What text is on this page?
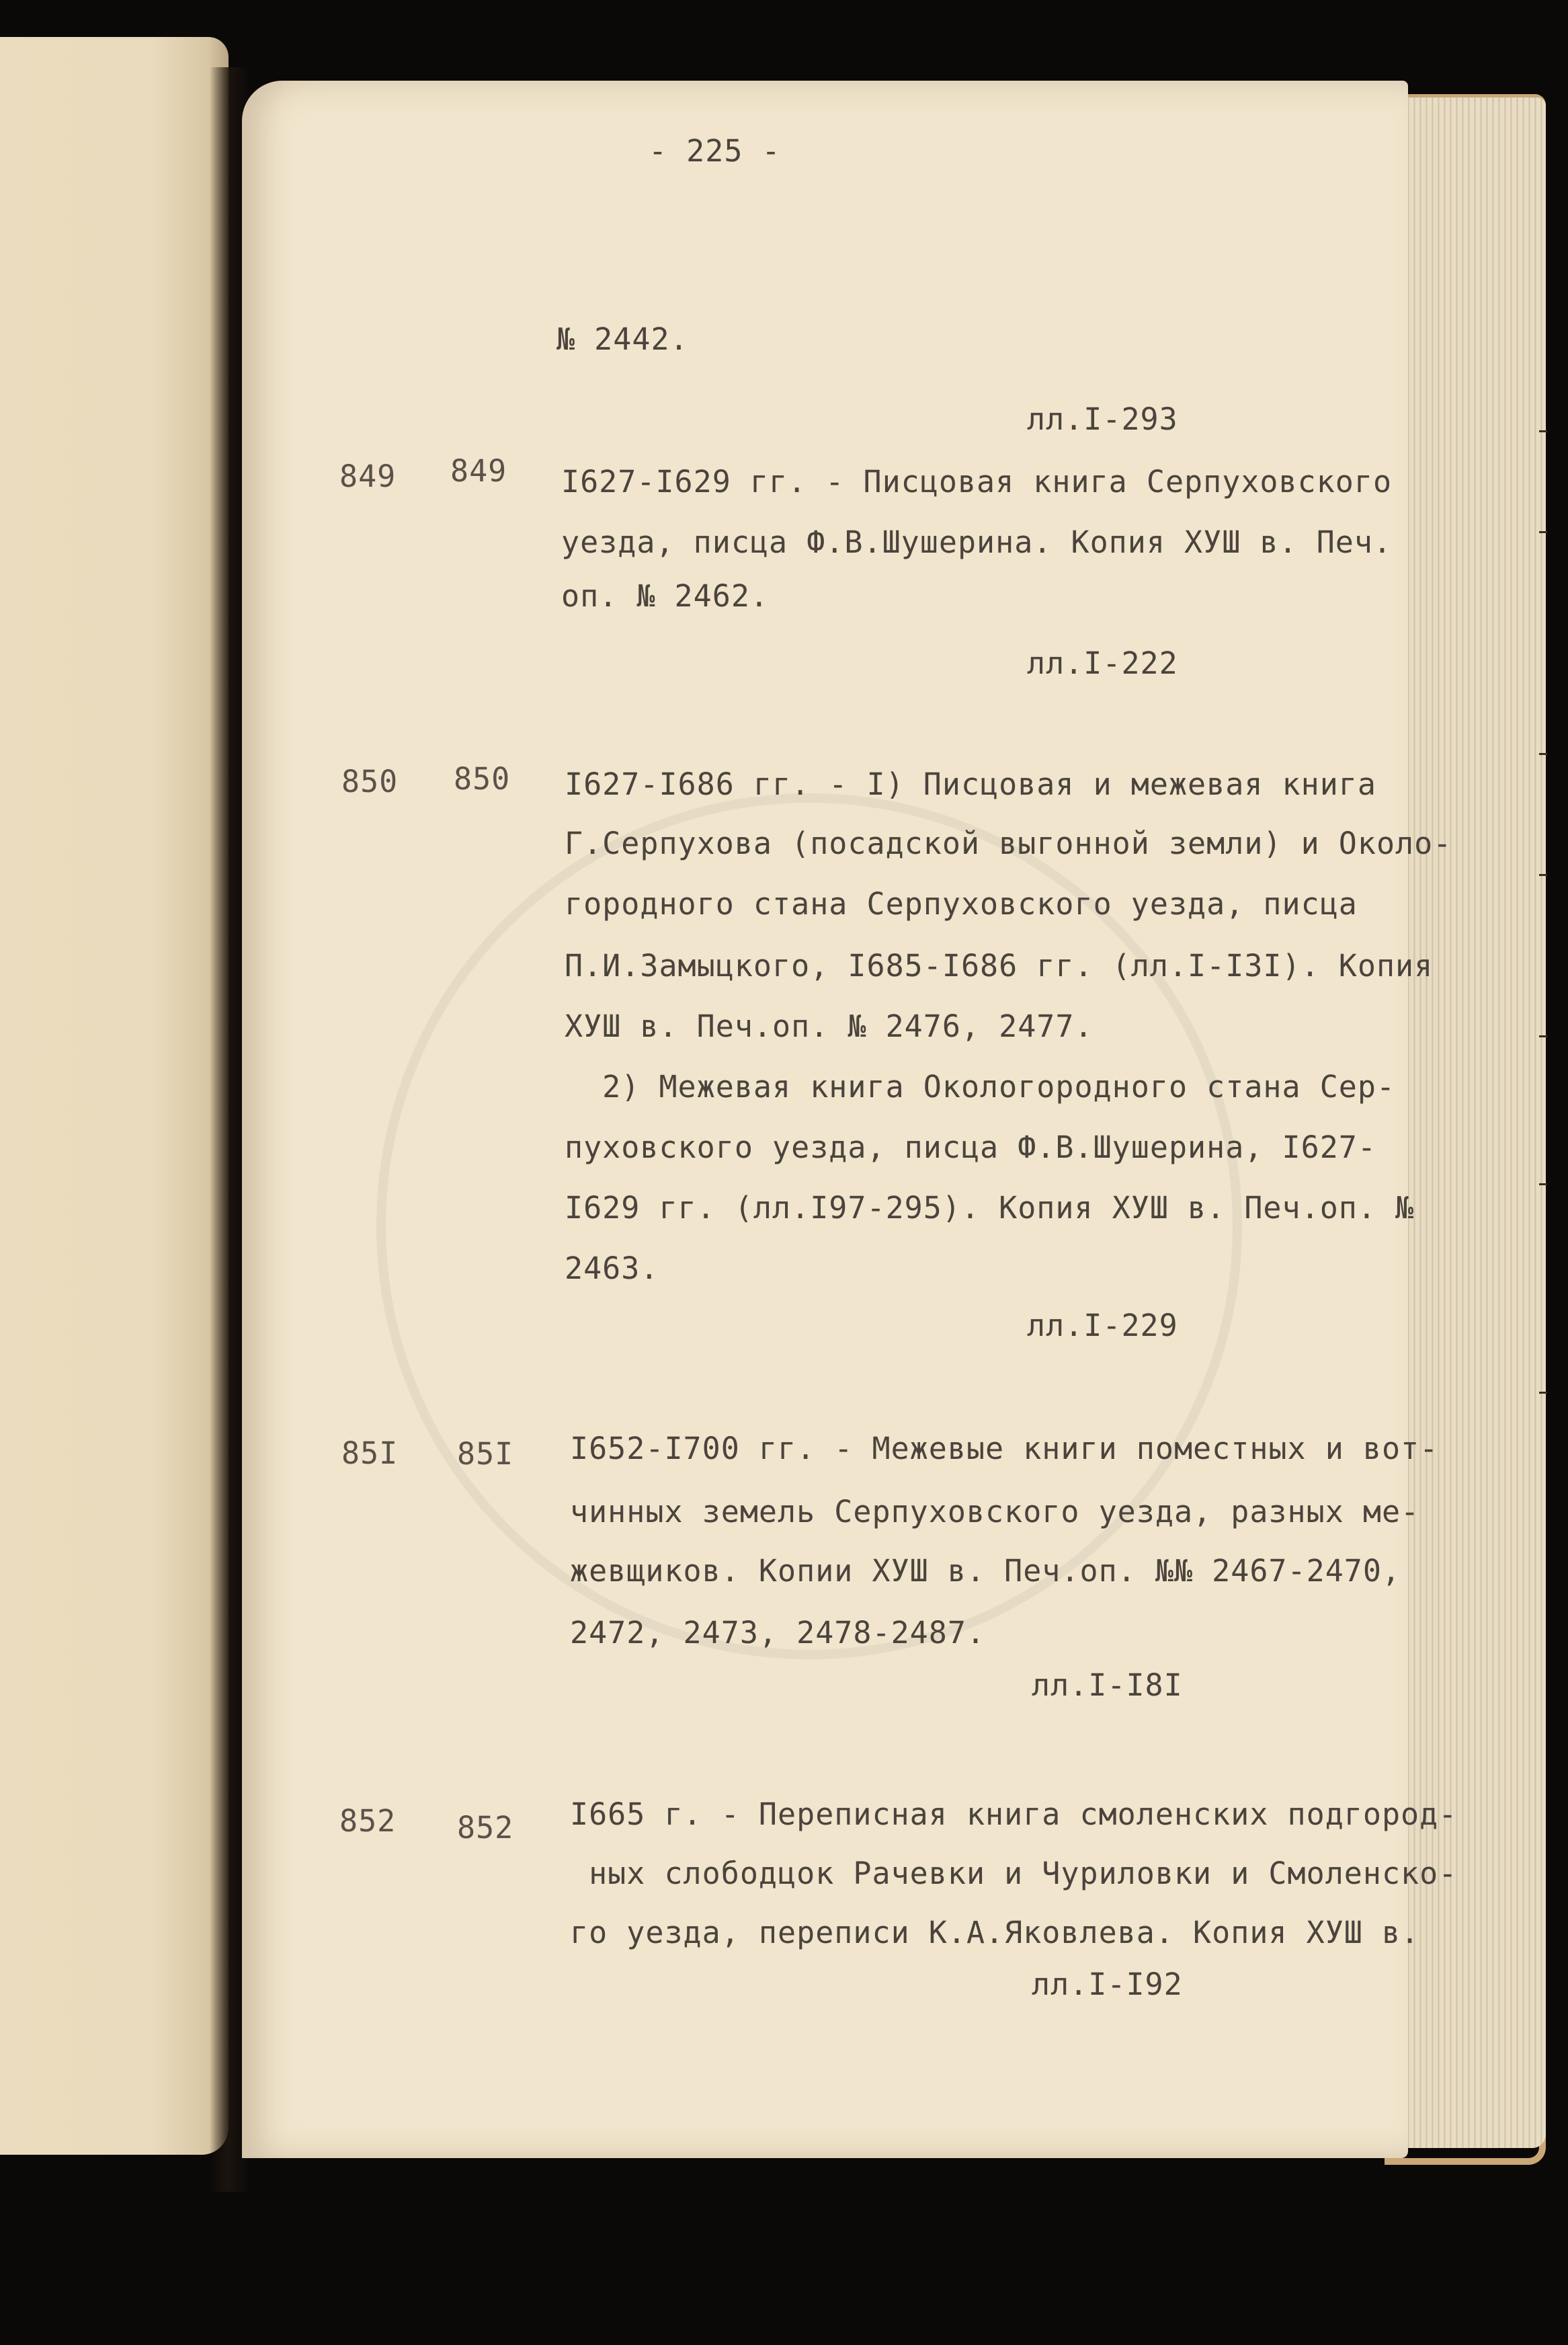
- 225 -
№ 2442.
лл.I-293
849 849 I627-I629 гг. - Писцовая книга Серпуховского
уезда, писца Ф.В.Шушерина. Копия ХУШ в. Печ.
оп. № 2462.
лл.I-222
850 850 I627-I686 гг. - I) Писцовая и межевая книга
Г.Серпухова (посадской выгонной земли) и Около-
городного стана Серпуховского уезда, писца
П.И.Замыцкого, I685-I686 гг. (лл.I-I3I). Копия
ХУШ в. Печ.оп. № 2476, 2477.
2) Межевая книга Окологородного стана Сер-
пуховского уезда, писца Ф.В.Шушерина, I627-
I629 гг. (лл.I97-295). Копия ХУШ в. Печ.оп. №
2463.
лл.I-229
85I 85I I652-I700 гг. - Межевые книги поместных и вот-
чинных земель Серпуховского уезда, разных ме-
жевщиков. Копии ХУШ в. Печ.оп. №№ 2467-2470,
2472, 2473, 2478-2487.
лл.I-I8I
852 852 I665 г. - Переписная книга смоленских подгород-
ных слободцок Рачевки и Чуриловки и Смоленско-
го уезда, переписи К.А.Яковлева. Копия ХУШ в.
лл.I-I92
